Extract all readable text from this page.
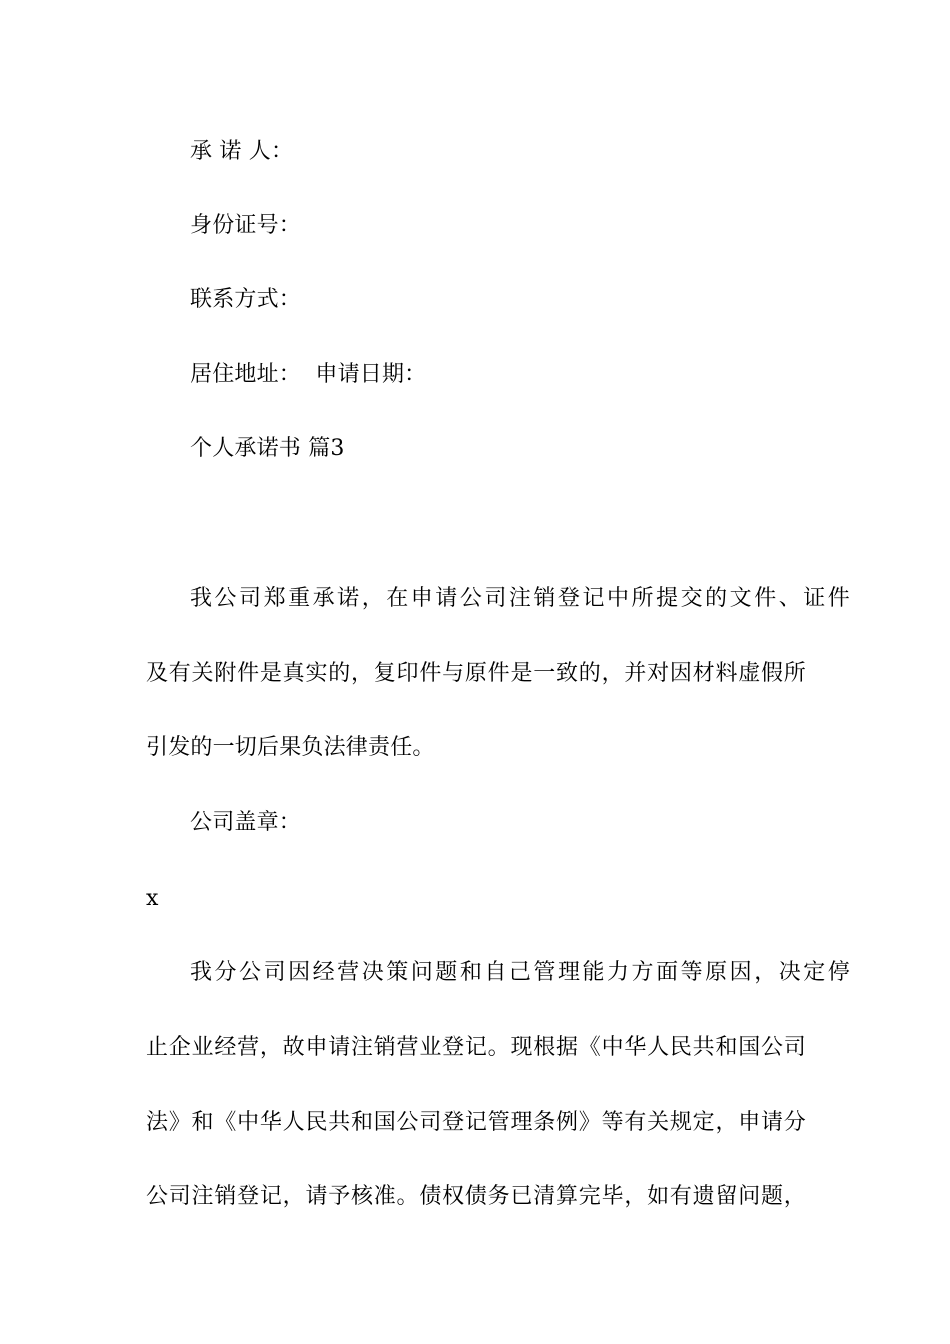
承 诺 人：
身份证号：
联系方式：
居住地址：  申请日期：
个人承诺书 篇3
我公司郑重承诺，在申请公司注销登记中所提交的文件、证件
及有关附件是真实的，复印件与原件是一致的，并对因材料虚假所
引发的一切后果负法律责任。
公司盖章：
x
我分公司因经营决策问题和自己管理能力方面等原因，决定停
止企业经营，故申请注销营业登记。现根据《中华人民共和国公司
法》和《中华人民共和国公司登记管理条例》等有关规定，申请分
公司注销登记，请予核准。债权债务已清算完毕，如有遗留问题，
